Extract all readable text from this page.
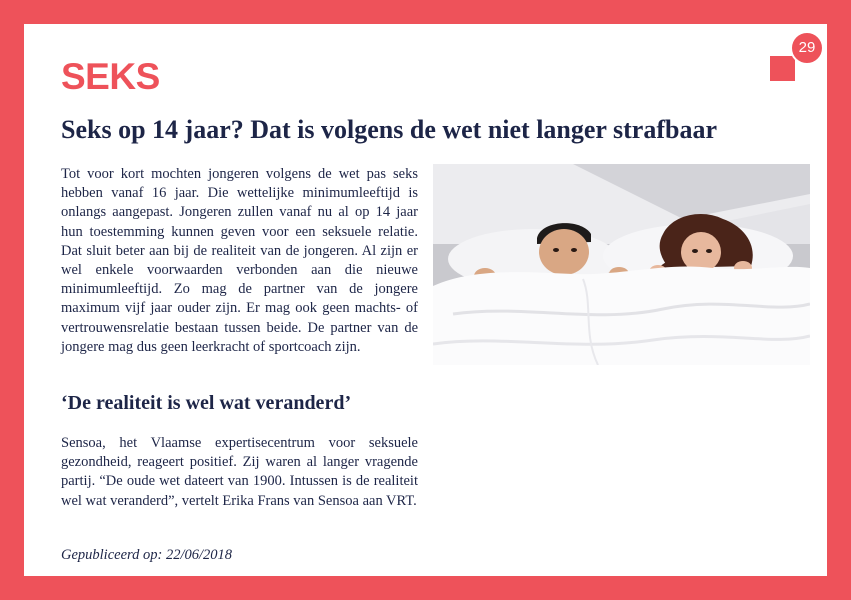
SEKS
29
Seks op 14 jaar? Dat is volgens de wet niet langer strafbaar

Tot voor kort mochten jongeren volgens de wet pas seks hebben vanaf 16 jaar. Die wettelijke minimumleeftijd is onlangs aangepast. Jongeren zullen vanaf nu al op 14 jaar hun toestemming kunnen geven voor een seksuele relatie. Dat sluit beter aan bij de realiteit van de jongeren. Al zijn er wel enkele voorwaarden verbonden aan die nieuwe minimumleeftijd. Zo mag de partner van de jongere maximum vijf jaar ouder zijn. Er mag ook geen machts- of vertrouwensrelatie bestaan tussen beide. De partner van de jongere mag dus geen leerkracht of sportcoach zijn.

‘De realiteit is wel wat veranderd’

Sensoa, het Vlaamse expertisecentrum voor seksuele gezondheid, reageert positief. Zij waren al langer vragende partij. “De oude wet dateert van 1900. Intussen is de realiteit wel wat veranderd”, vertelt Erika Frans van Sensoa aan VRT.

Gepubliceerd op: 22/06/2018
